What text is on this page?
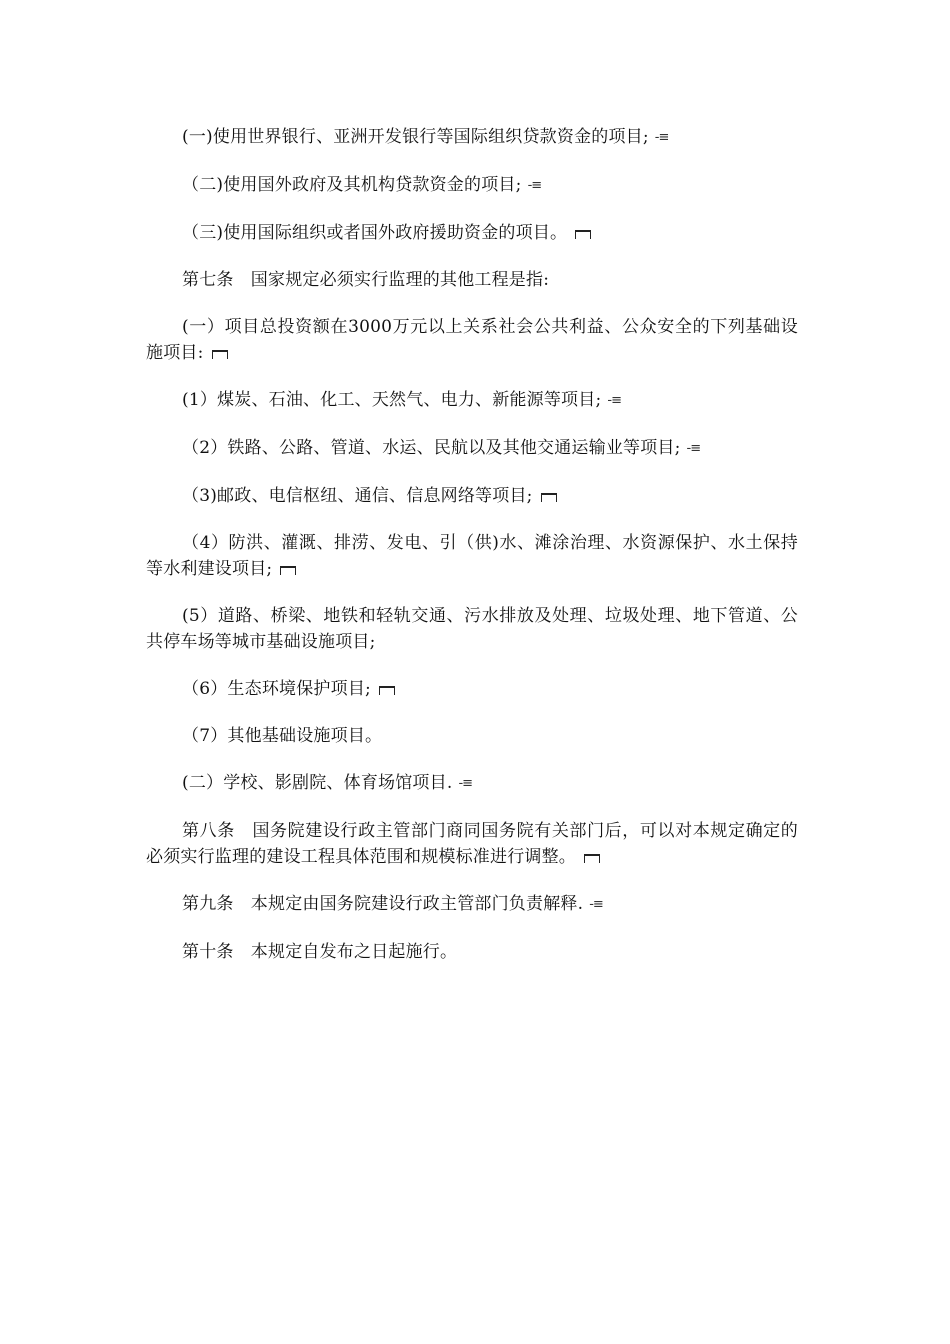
(一)使用世界银行、亚洲开发银行等国际组织贷款资金的项目; -≡

（二)使用国外政府及其机构贷款资金的项目; -≡

（三)使用国际组织或者国外政府援助资金的项目。

第七条　国家规定必须实行监理的其他工程是指:

(一）项目总投资额在3000万元以上关系社会公共利益、公众安全的下列基础设施项目:

(1）煤炭、石油、化工、天然气、电力、新能源等项目; -≡

（2）铁路、公路、管道、水运、民航以及其他交通运输业等项目; -≡

（3)邮政、电信枢纽、通信、信息网络等项目;

（4）防洪、灌溉、排涝、发电、引（供)水、滩涂治理、水资源保护、水土保持等水利建设项目;

(5）道路、桥梁、地铁和轻轨交通、污水排放及处理、垃圾处理、地下管道、公共停车场等城市基础设施项目;

（6）生态环境保护项目;

（7）其他基础设施项目。

(二）学校、影剧院、体育场馆项目. -≡

第八条　国务院建设行政主管部门商同国务院有关部门后，可以对本规定确定的必须实行监理的建设工程具体范围和规模标准进行调整。

第九条　本规定由国务院建设行政主管部门负责解释. -≡

第十条　本规定自发布之日起施行。
